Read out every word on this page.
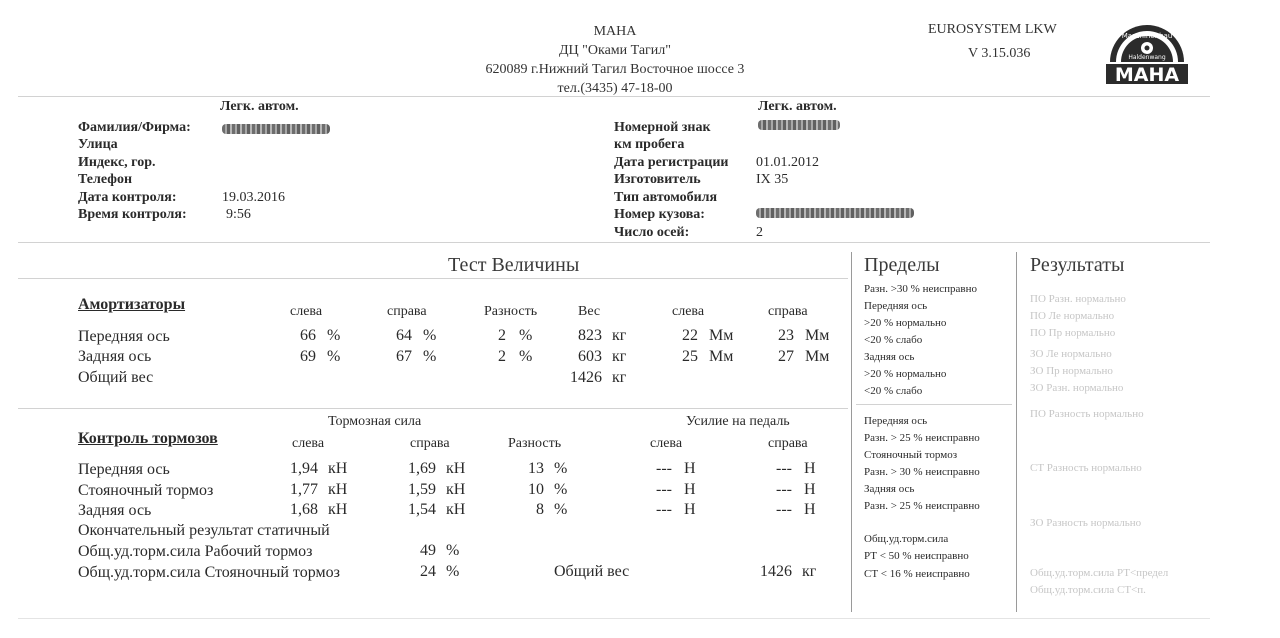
МАНА
ДЦ "Оками Тагил"
620089 г.Нижний Тагил Восточное шоссе 3
тел.(3435) 47-18-00
EUROSYSTEM LKW
V 3.15.036
Maschinenbau
Haldenwang
MAHA
Легк. автом.
Фамилия/Фирма:
Улица
Индекс, гор.
Телефон
Дата контроля:	19.03.2016
Время контроля:	9:56
Легк. автом.
Номерной знак
км пробега
Дата регистрации 01.01.2012
Изготовитель	IX 35
Тип автомобиля
Номер кузова:
Число осей:	2
Тест Величины	Пределы	Результаты
Амортизаторы	слева	справа	Разность	Вес	слева	справа
Передняя ось	66 %	64 %	2 %	823 кг	22 Мм	23 Мм
Задняя ось	69 %	67 %	2 %	603 кг	25 Мм	27 Мм
Общий вес	1426 кг
Тормозная сила	Усилие на педаль
Контроль тормозов	слева	справа	Разность	слева	справа
Передняя ось	1,94 кН	1,69 кН	13 %	--- Н	--- Н
Стояночный тормоз	1,77 кН	1,59 кН	10 %	--- Н	--- Н
Задняя ось	1,68 кН	1,54 кН	8 %	--- Н	--- Н
Окончательный результат статичный
Общ.уд.торм.сила Рабочий тормоз	49 %
Общ.уд.торм.сила Стояночный тормоз	24 %	Общий вес	1426 кг
Разн. >30 % неисправно
Передняя ось
>20 % нормально
<20 % слабо
Задняя ось
>20 % нормально
<20 % слабо
Передняя ось
Разн. > 25 % неисправно
Стояночный тормоз
Разн. > 30 % неисправно
Задняя ось
Разн. > 25 % неисправно
Общ.уд.торм.сила
РТ < 50 % неисправно
СТ < 16 % неисправно
ПО Разн. нормально
ПО Ле нормально
ПО Пр нормально
ЗО Ле нормально
ЗО Пр нормально
ЗО Разн. нормально
ПО Разность нормально
СТ Разность нормально
ЗО Разность нормально
Общ.уд.торм.сила РТ<предел
Общ.уд.торм.сила СТ<п.
